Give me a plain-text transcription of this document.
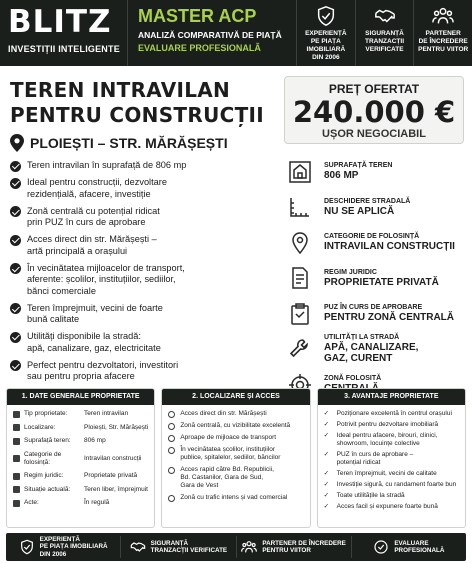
BLITZ
INVESTIȚII INTELIGENTE
MASTER ACP
ANALIZĂ COMPARATIVĂ DE PIAȚĂ
EVALUARE PROFESIONALĂ
EXPERIENȚĂ
PE PIAȚA IMOBILIARĂ
DIN 2006
SIGURANȚĂ
TRANZACȚII
VERIFICATE
PARTENER
DE ÎNCREDERE
PENTRU VIITOR
TEREN INTRAVILAN PENTRU CONSTRUCȚII
PLOIEȘTI – STR. MĂRĂȘEȘTI
PREȚ OFERTAT
240.000 €
UȘOR NEGOCIABIL
Teren intravilan în suprafață de 806 mp
Ideal pentru construcții, dezvoltare
rezidențială, afacere, investiție
Zonă centrală cu potențial ridicat
prin PUZ în curs de aprobare
Acces direct din str. Mărășești –
artă principală a orașului
În vecinătatea mijloacelor de transport,
aferente: școlilor, instituțiilor, sediilor,
bănci comerciale
Teren împrejmuit, vecini de foarte
bună calitate
Utilități disponibile la stradă:
apă, canalizare, gaz, electricitate
Perfect pentru dezvoltatori, investitori
sau pentru propria afacere
SUPRAFAȚĂ TEREN
806 MP
DESCHIDERE STRADALĂ
NU SE APLICĂ
CATEGORIE DE FOLOSINȚĂ
INTRAVILAN CONSTRUCȚII
REGIM JURIDIC
PROPRIETATE PRIVATĂ
PUZ ÎN CURS DE APROBARE
PENTRU ZONĂ CENTRALĂ
UTILITĂȚI LA STRADĂ
APĂ, CANALIZARE,
GAZ, CURENT
ZONĂ FOLOSITĂ
1. DATE GENERALE PROPRIETATE
Tip proprietate:	Teren intravilan
Localizare:	Ploiești, Str. Mărășești
Suprafață teren:	806 mp
Categorie de folosință:
Intravilan construcții
Regim juridic:	Proprietate privată
Situație actuală:	Teren liber, împrejmuit
Acte:	În regulă
2. LOCALIZARE ȘI ACCES
Acces direct din str. Mărășești
Zonă centrală, cu vizibilitate excelentă
Aproape de mijloace de transport
În vecinătatea școlilor, instituțiilor
publice, spitalelor, sediilor, băncilor
Acces rapid către Bd. Republicii,
Bd. Castanilor, Gara de Sud,
Gara de Vest
Zonă cu trafic intens și vad comercial
3. AVANTAJE PROPRIETATE
✓	Poziționare excelentă în centrul orașului
✓	Potrivit pentru dezvoltare imobiliară
✓	Ideal pentru afacere, birouri, clinici,
showroom, locuințe colective
✓	PUZ în curs de aprobare –
potențial ridicat
✓	Teren împrejmuit, vecini de calitate
✓	Investiție sigură, cu randament foarte bun
✓	Toate utilitățile la stradă
✓	Acces facil și expunere foarte bună
EXPERIENȚĂ
PE PIAȚA IMOBILIARĂ
DIN 2006
SIGURANȚĂ
TRANZACȚII VERIFICATE
PARTENER DE ÎNCREDERE
PENTRU VIITOR
EVALUARE
PROFESIONALĂ
